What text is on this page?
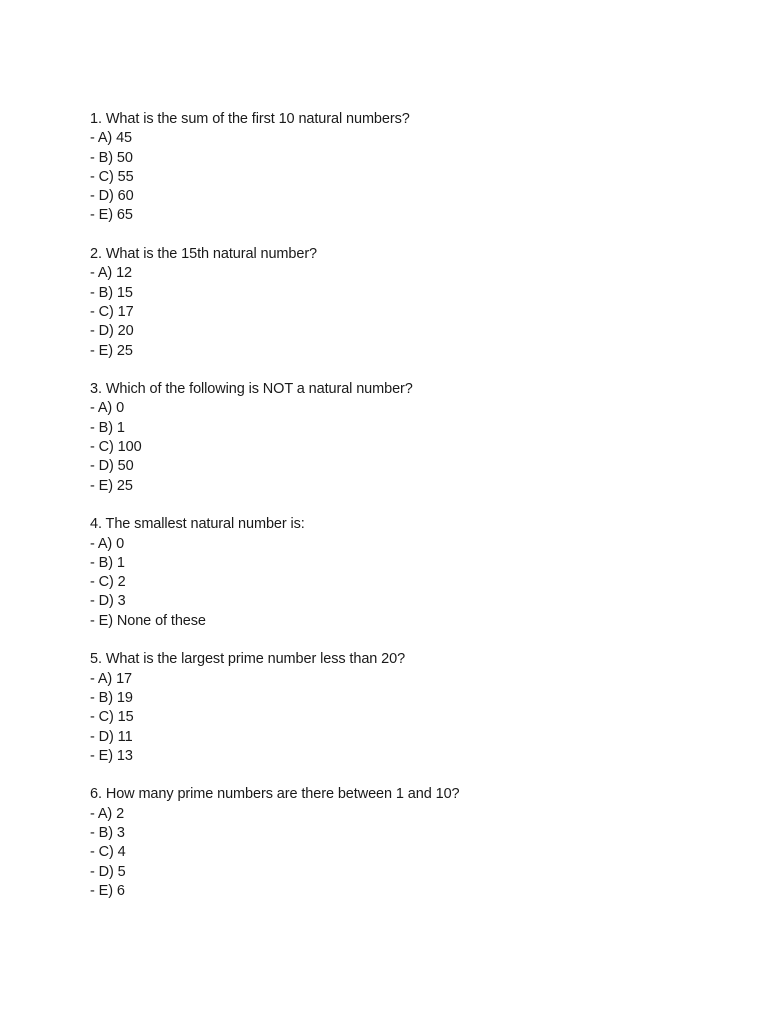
1. What is the sum of the first 10 natural numbers?
- A) 45
- B) 50
- C) 55
- D) 60
- E) 65
2. What is the 15th natural number?
- A) 12
- B) 15
- C) 17
- D) 20
- E) 25
3. Which of the following is NOT a natural number?
- A) 0
- B) 1
- C) 100
- D) 50
- E) 25
4. The smallest natural number is:
- A) 0
- B) 1
- C) 2
- D) 3
- E) None of these
5. What is the largest prime number less than 20?
- A) 17
- B) 19
- C) 15
- D) 11
- E) 13
6. How many prime numbers are there between 1 and 10?
- A) 2
- B) 3
- C) 4
- D) 5
- E) 6
